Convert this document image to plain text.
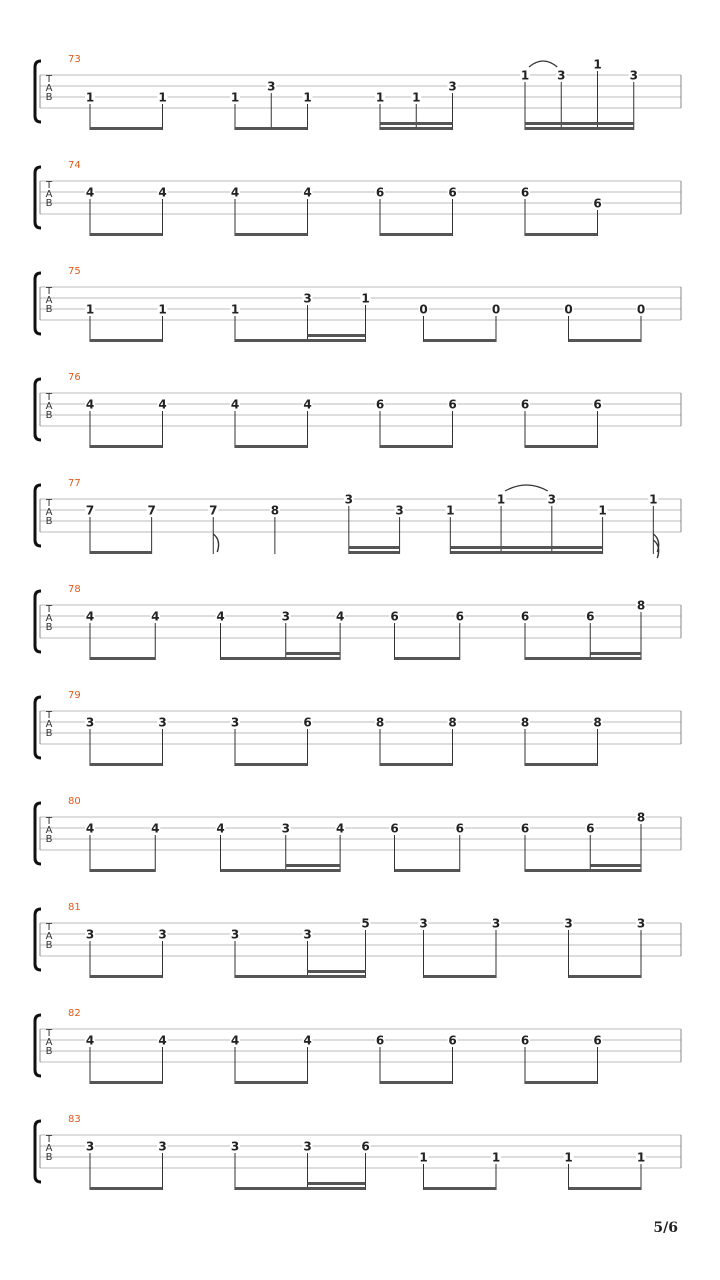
T
A
B
73
1	1	1
3
1	1 1
3
1 3
1
3
T
A
B
74
4	4	4	4	6	6	6
6
T
A
B
75
1	1	1
3	1
0	0	0	0
T
A
B
76
4	4	4	4	6	6	6	6
T
A
B
77
7	7	7	8
3
3	1
1	3
1
1
T
A
B
78
4	4	4	3	4	6	6	6	6
8
T
A
B
79
3	3	3	6	8	8	8	8
T
A
B
80
4	4	4	3	4	6	6	6	6
8
T
A
B
81
3	3	3	3
5	3	3	3	3
T
A
B
82
4	4	4	4	6	6	6	6
T
A
B
83
3	3	3	3	6
1	1	1	1
5/6
